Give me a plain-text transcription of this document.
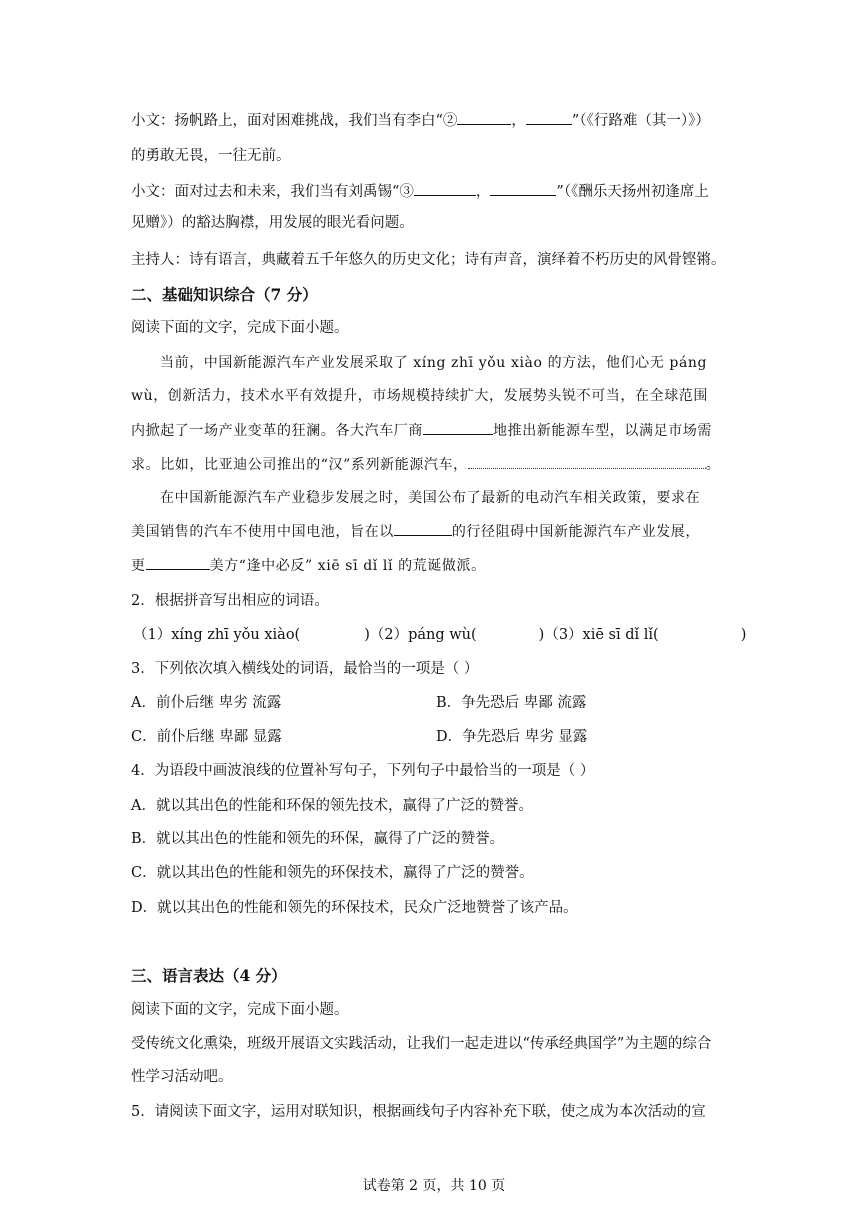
小文：扬帆路上，面对困难挑战，我们当有李白“②	，	”（《行路难（其一）》）
的勇敢无畏，一往无前。
小文：面对过去和未来，我们当有刘禹锡“③	，	”（《酬乐天扬州初逢席上
见赠》）的豁达胸襟，用发展的眼光看问题。
主持人：诗有语言，典藏着五千年悠久的历史文化；诗有声音，演绎着不朽历史的风骨铿锵。
二、基础知识综合（7 分）
阅读下面的文字，完成下面小题。
当前，中国新能源汽车产业发展采取了 xíng zhī yǒu xiào 的方法，他们心无 páng
wù，创新活力，技术水平有效提升，市场规模持续扩大，发展势头锐不可当，在全球范围
内掀起了一场产业变革的狂澜。各大汽车厂商	地推出新能源车型，以满足市场需
求。比如，比亚迪公司推出的“汉”系列新能源汽车，	。
在中国新能源汽车产业稳步发展之时，美国公布了最新的电动汽车相关政策，要求在
美国销售的汽车不使用中国电池，旨在以	的行径阻碍中国新能源汽车产业发展，
更	美方“逢中必反” xiē sī dǐ lǐ 的荒诞做派。
2．根据拼音写出相应的词语。
（1）xíng zhī yǒu xiào(	)（2）páng wù(	)（3）xiē sī dǐ lǐ(	)
3．下列依次填入横线处的词语，最恰当的一项是（ ）
A．前仆后继 卑劣 流露	B．争先恐后 卑鄙 流露
C．前仆后继 卑鄙 显露	D．争先恐后 卑劣 显露
4．为语段中画波浪线的位置补写句子，下列句子中最恰当的一项是（ ）
A．就以其出色的性能和环保的领先技术，赢得了广泛的赞誉。
B．就以其出色的性能和领先的环保，赢得了广泛的赞誉。
C．就以其出色的性能和领先的环保技术，赢得了广泛的赞誉。
D．就以其出色的性能和领先的环保技术，民众广泛地赞誉了该产品。
三、语言表达（4 分）
阅读下面的文字，完成下面小题。
受传统文化熏染，班级开展语文实践活动，让我们一起走进以“传承经典国学”为主题的综合
性学习活动吧。
5．请阅读下面文字，运用对联知识，根据画线句子内容补充下联，使之成为本次活动的宣
试卷第 2 页，共 10 页
